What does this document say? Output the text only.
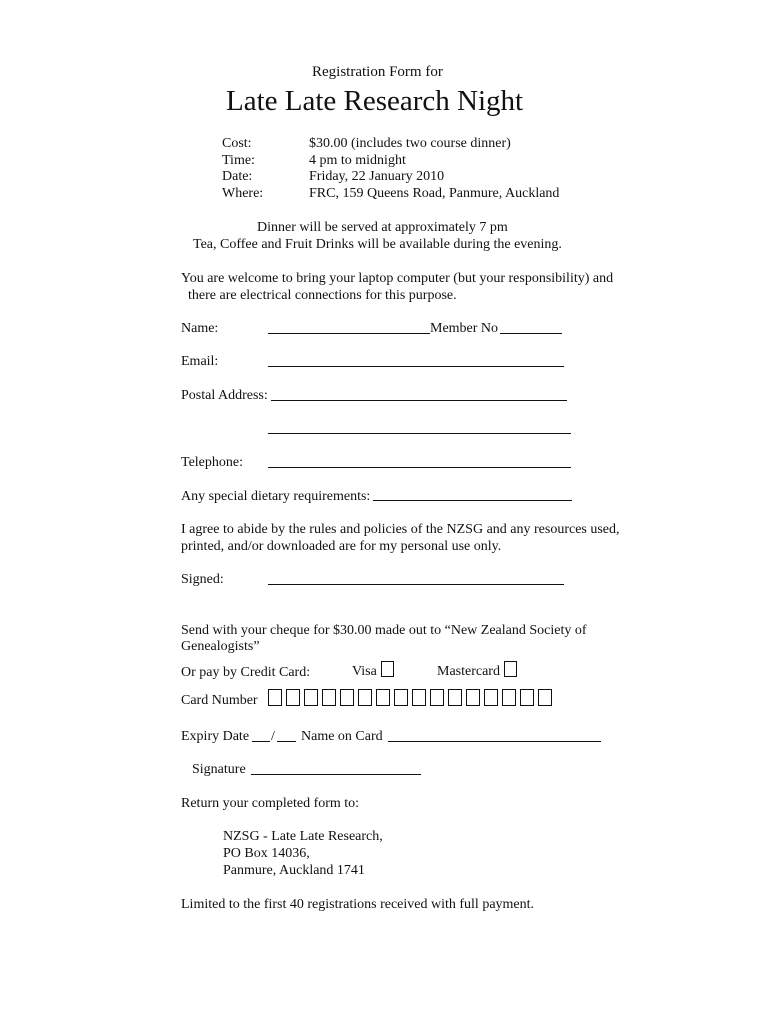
Registration Form for
Late Late Research Night
Cost:	$30.00 (includes two course dinner)
Time:	4 pm to midnight
Date:	Friday, 22 January 2010
Where:	FRC, 159 Queens Road, Panmure, Auckland
Dinner will be served at approximately 7 pm
Tea, Coffee and Fruit Drinks will be available during the evening.
You are welcome to bring your laptop computer (but your responsibility) and
there are electrical connections for this purpose.
Name:	Member No
Email:
Postal Address:
Telephone:
Any special dietary requirements:
I agree to abide by the rules and policies of the NZSG and any resources used,
printed, and/or downloaded are for my personal use only.
Signed:
Send with your cheque for $30.00 made out to “New Zealand Society of
Genealogists”
Or pay by Credit Card:	Visa	Mastercard
Card Number
Expiry Date / Name on Card
Signature
Return your completed form to:
NZSG - Late Late Research,
PO Box 14036,
Panmure, Auckland 1741
Limited to the first 40 registrations received with full payment.
